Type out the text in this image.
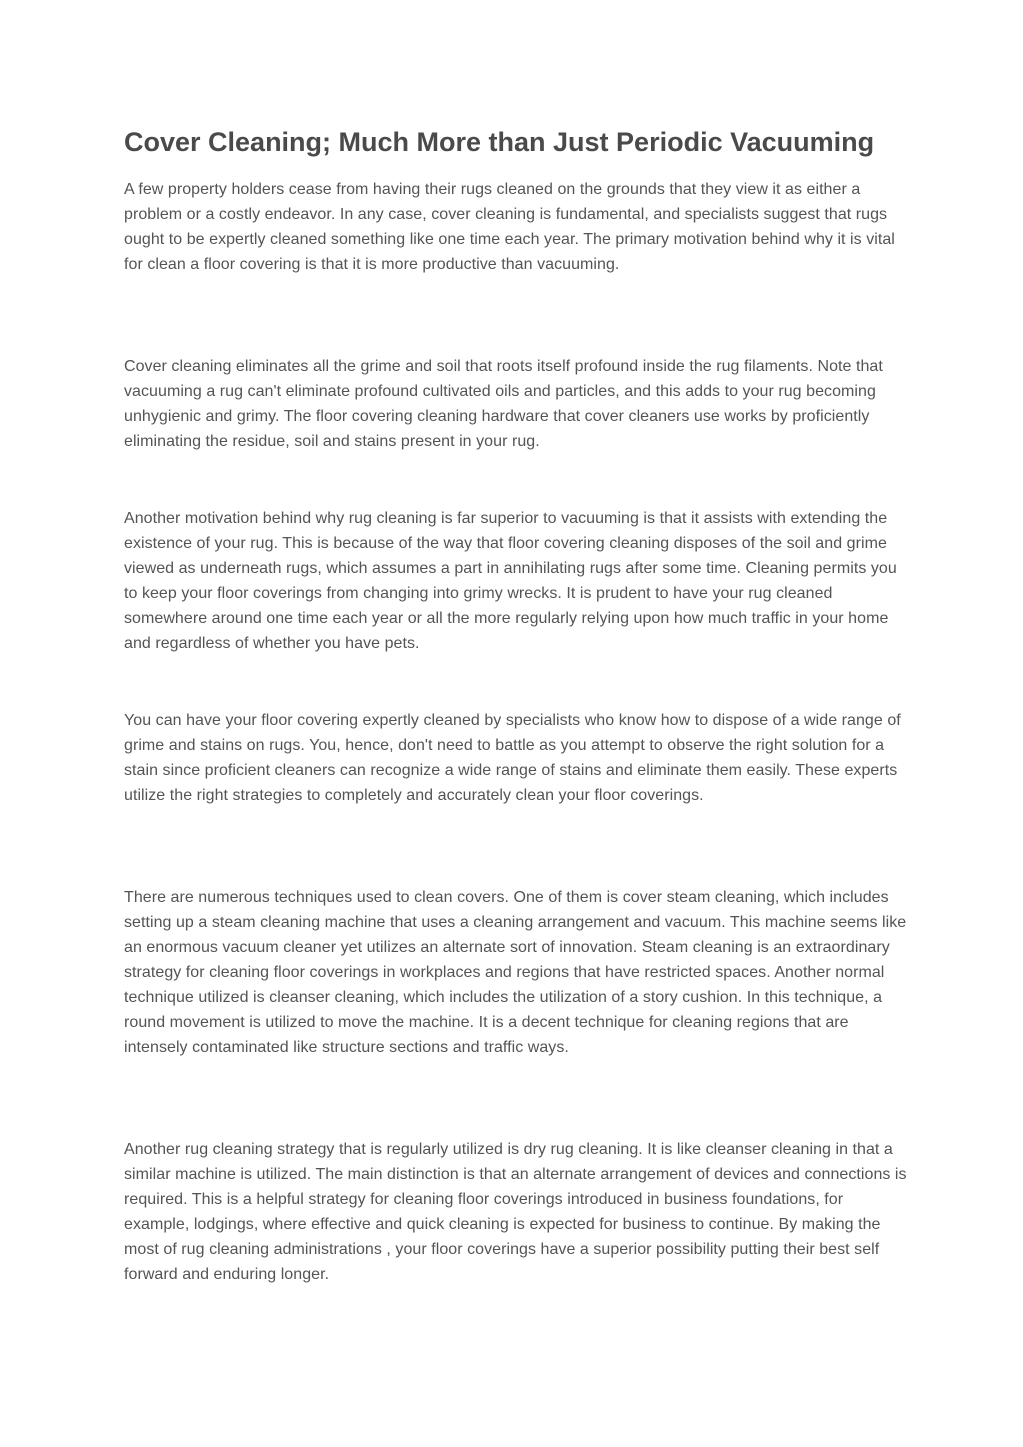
Cover Cleaning; Much More than Just Periodic Vacuuming

A few property holders cease from having their rugs cleaned on the grounds that they view it as either a problem or a costly endeavor. In any case, cover cleaning is fundamental, and specialists suggest that rugs ought to be expertly cleaned something like one time each year. The primary motivation behind why it is vital for clean a floor covering is that it is more productive than vacuuming.

Cover cleaning eliminates all the grime and soil that roots itself profound inside the rug filaments. Note that vacuuming a rug can't eliminate profound cultivated oils and particles, and this adds to your rug becoming unhygienic and grimy. The floor covering cleaning hardware that cover cleaners use works by proficiently eliminating the residue, soil and stains present in your rug.

Another motivation behind why rug cleaning is far superior to vacuuming is that it assists with extending the existence of your rug. This is because of the way that floor covering cleaning disposes of the soil and grime viewed as underneath rugs, which assumes a part in annihilating rugs after some time. Cleaning permits you to keep your floor coverings from changing into grimy wrecks. It is prudent to have your rug cleaned somewhere around one time each year or all the more regularly relying upon how much traffic in your home and regardless of whether you have pets.

You can have your floor covering expertly cleaned by specialists who know how to dispose of a wide range of grime and stains on rugs. You, hence, don't need to battle as you attempt to observe the right solution for a stain since proficient cleaners can recognize a wide range of stains and eliminate them easily. These experts utilize the right strategies to completely and accurately clean your floor coverings.

There are numerous techniques used to clean covers. One of them is cover steam cleaning, which includes setting up a steam cleaning machine that uses a cleaning arrangement and vacuum. This machine seems like an enormous vacuum cleaner yet utilizes an alternate sort of innovation. Steam cleaning is an extraordinary strategy for cleaning floor coverings in workplaces and regions that have restricted spaces. Another normal technique utilized is cleanser cleaning, which includes the utilization of a story cushion. In this technique, a round movement is utilized to move the machine. It is a decent technique for cleaning regions that are intensely contaminated like structure sections and traffic ways.

Another rug cleaning strategy that is regularly utilized is dry rug cleaning. It is like cleanser cleaning in that a similar machine is utilized. The main distinction is that an alternate arrangement of devices and connections is required. This is a helpful strategy for cleaning floor coverings introduced in business foundations, for example, lodgings, where effective and quick cleaning is expected for business to continue. By making the most of rug cleaning administrations , your floor coverings have a superior possibility putting their best self forward and enduring longer.
